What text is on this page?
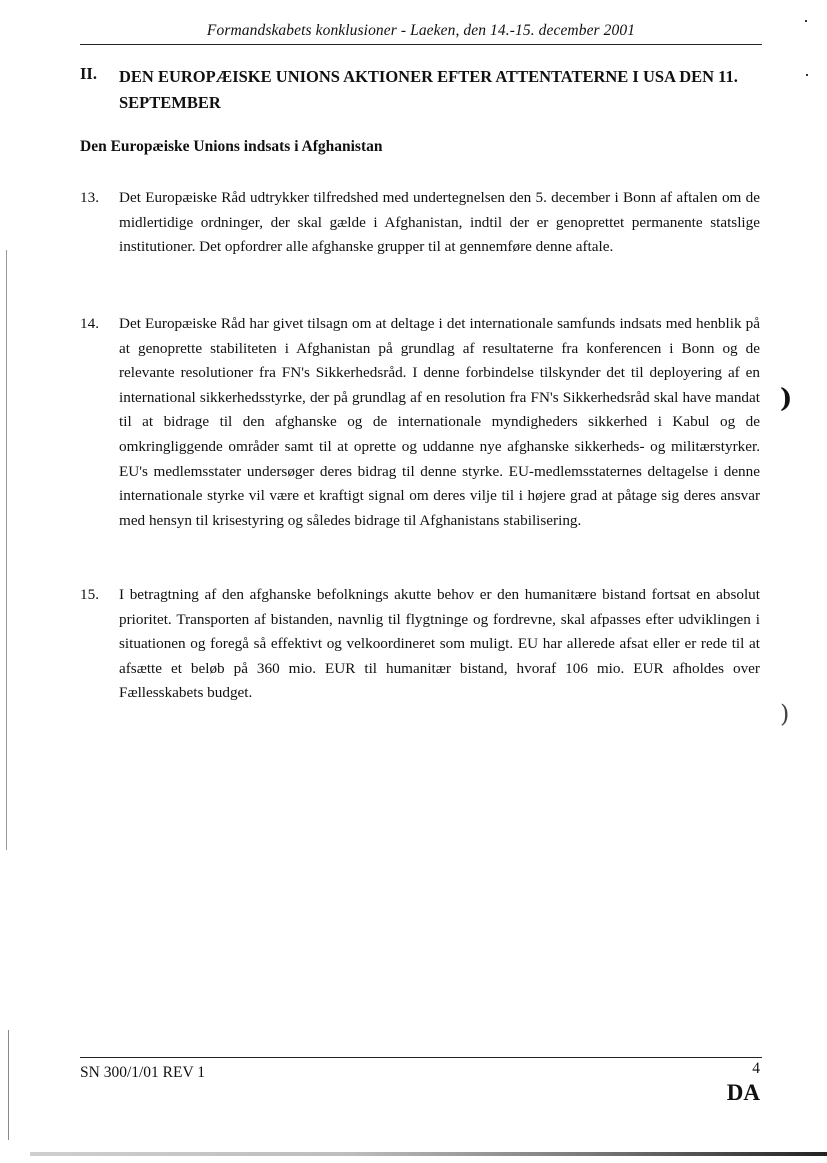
Formandskabets konklusioner - Laeken, den 14.-15. december 2001
II. DEN EUROPÆISKE UNIONS AKTIONER EFTER ATTENTATERNE I USA DEN 11. SEPTEMBER
Den Europæiske Unions indsats i Afghanistan
13.	Det Europæiske Råd udtrykker tilfredshed med undertegnelsen den 5. december i Bonn af aftalen om de midlertidige ordninger, der skal gælde i Afghanistan, indtil der er genoprettet permanente statslige institutioner. Det opfordrer alle afghanske grupper til at gennemføre denne aftale.
14.	Det Europæiske Råd har givet tilsagn om at deltage i det internationale samfunds indsats med henblik på at genoprette stabiliteten i Afghanistan på grundlag af resultaterne fra konferencen i Bonn og de relevante resolutioner fra FN's Sikkerhedsråd. I denne forbindelse tilskynder det til deployering af en international sikkerhedsstyrke, der på grundlag af en resolution fra FN's Sikkerhedsråd skal have mandat til at bidrage til den afghanske og de internationale myndigheders sikkerhed i Kabul og de omkringliggende områder samt til at oprette og uddanne nye afghanske sikkerheds- og militærstyrker. EU's medlemsstater undersøger deres bidrag til denne styrke. EU-medlemsstaternes deltagelse i denne internationale styrke vil være et kraftigt signal om deres vilje til i højere grad at påtage sig deres ansvar med hensyn til krisestyring og således bidrage til Afghanistans stabilisering.
15.	I betragtning af den afghanske befolknings akutte behov er den humanitære bistand fortsat en absolut prioritet. Transporten af bistanden, navnlig til flygtninge og fordrevne, skal afpasses efter udviklingen i situationen og foregå så effektivt og velkoordineret som muligt. EU har allerede afsat eller er rede til at afsætte et beløb på 360 mio. EUR til humanitær bistand, hvoraf 106 mio. EUR afholdes over Fællesskabets budget.
)
)
SN 300/1/01 REV 1	4
DA
